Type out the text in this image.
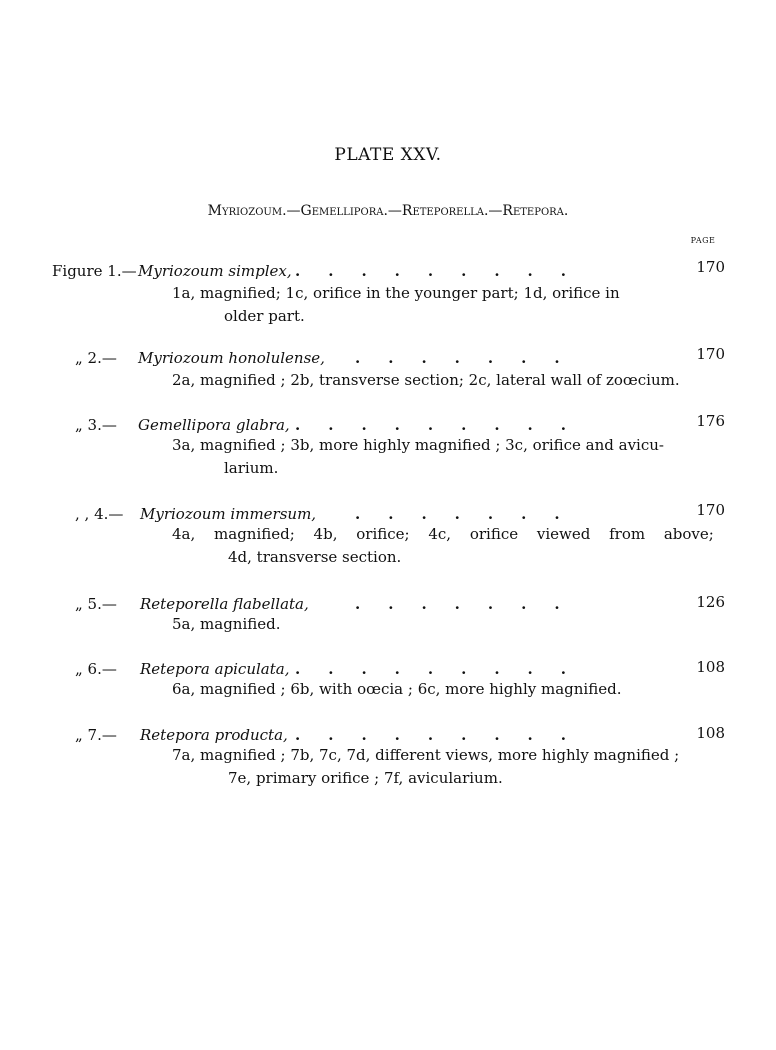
PLATE XXV.
Myriozoum.—Gemellipora.—Reteporella.—Retepora.
PAGE
Figure 1.— Myriozoum simplex, .........	170
1a, magnified; 1c, orifice in the younger part; 1d, orifice in
older part.
„ 2.— Myriozoum honolulense, .......	170
2a, magnified ; 2b, transverse section; 2c, lateral wall of zoœcium.
„ 3.— Gemellipora glabra, .........	176
3a, magnified ; 3b, more highly magnified ; 3c, orifice and avicu-
larium.
, , 4.— Myriozoum immersum,	.......	170
4a, magnified; 4b, orifice; 4c, orifice viewed from above;
4d, transverse section.
„ 5.— Reteporella flabellata,	.......	126
5a, magnified.
„ 6.— Retepora apiculata, .........	108
6a, magnified ; 6b, with oœcia ; 6c, more highly magnified.
„ 7.— Retepora producta, .........	108
7a, magnified ; 7b, 7c, 7d, different views, more highly magnified ;
7e, primary orifice ; 7f, avicularium.
